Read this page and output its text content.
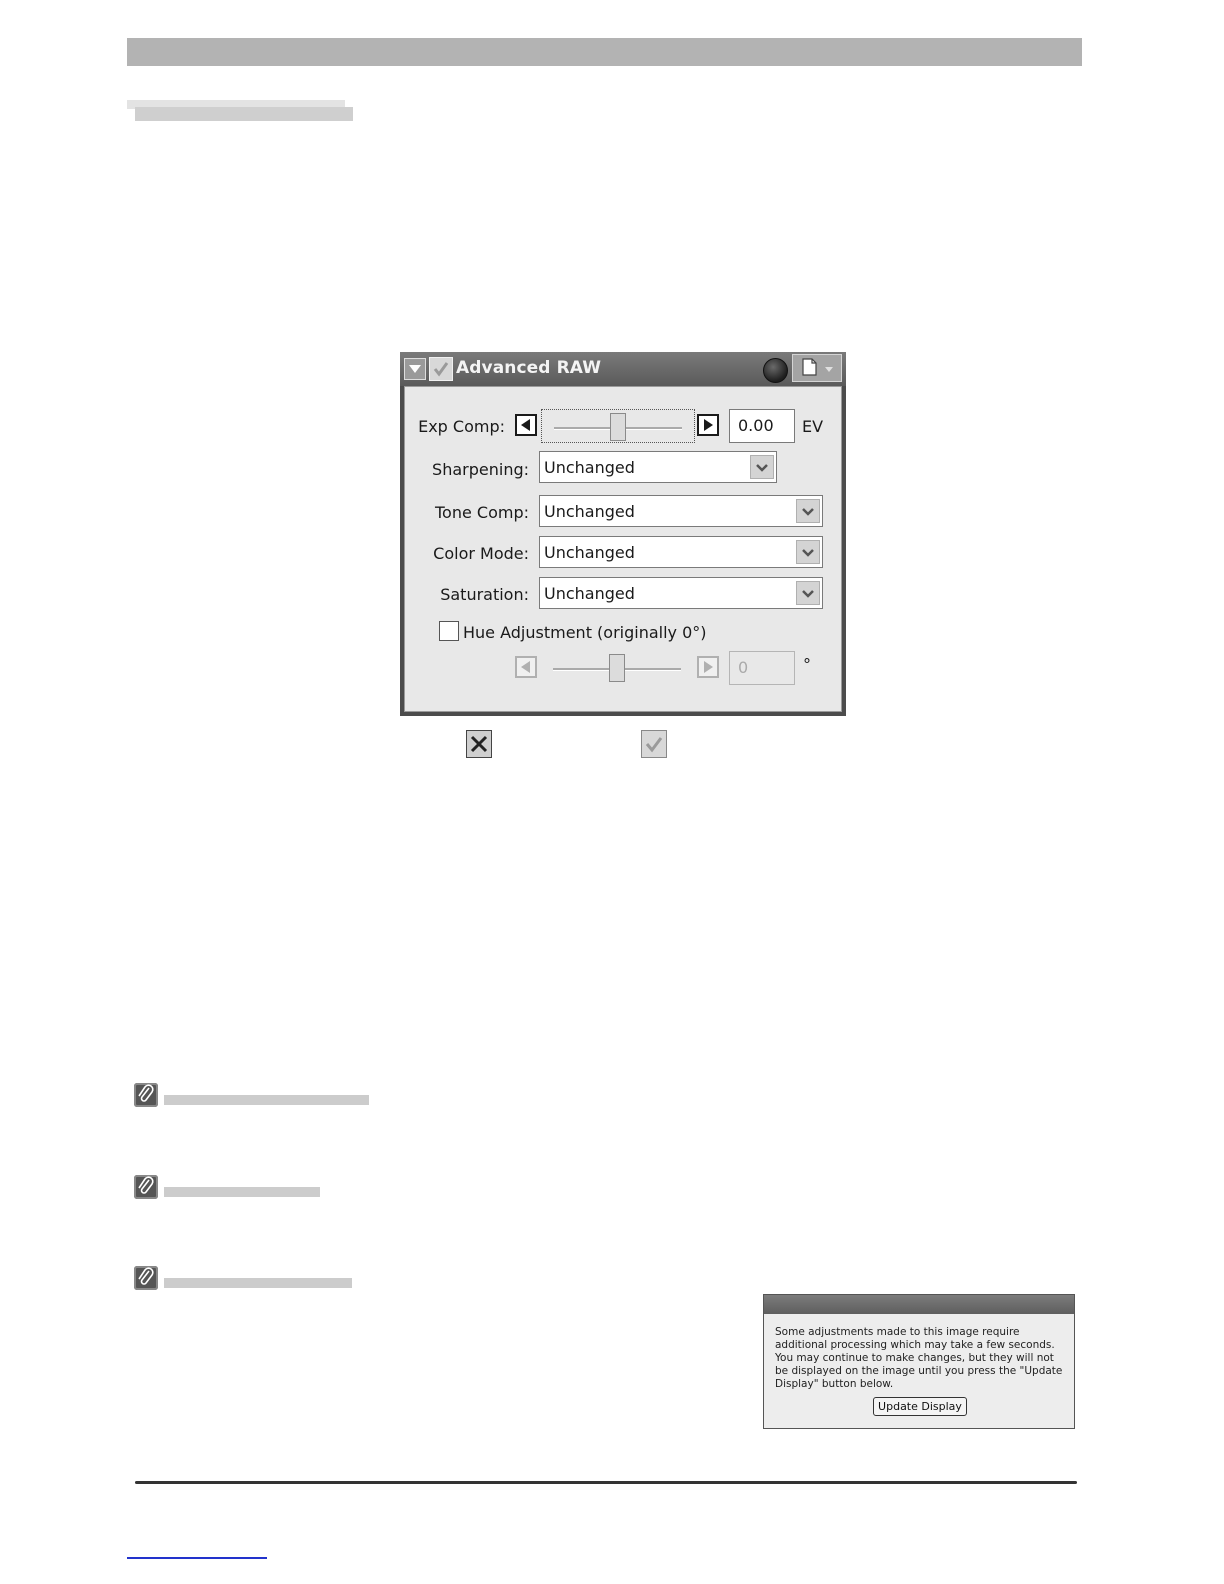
Advanced RAW
Exp Comp:	0.00 EV
Sharpening: Unchanged
Tone Comp: Unchanged
Color Mode: Unchanged
Saturation: Unchanged
Hue Adjustment (originally 0°)
0	°
Some adjustments made to this image require additional processing which may take a few seconds. You may continue to make changes, but they will not be displayed on the image until you press the "Update Display" button below.
Update Display
